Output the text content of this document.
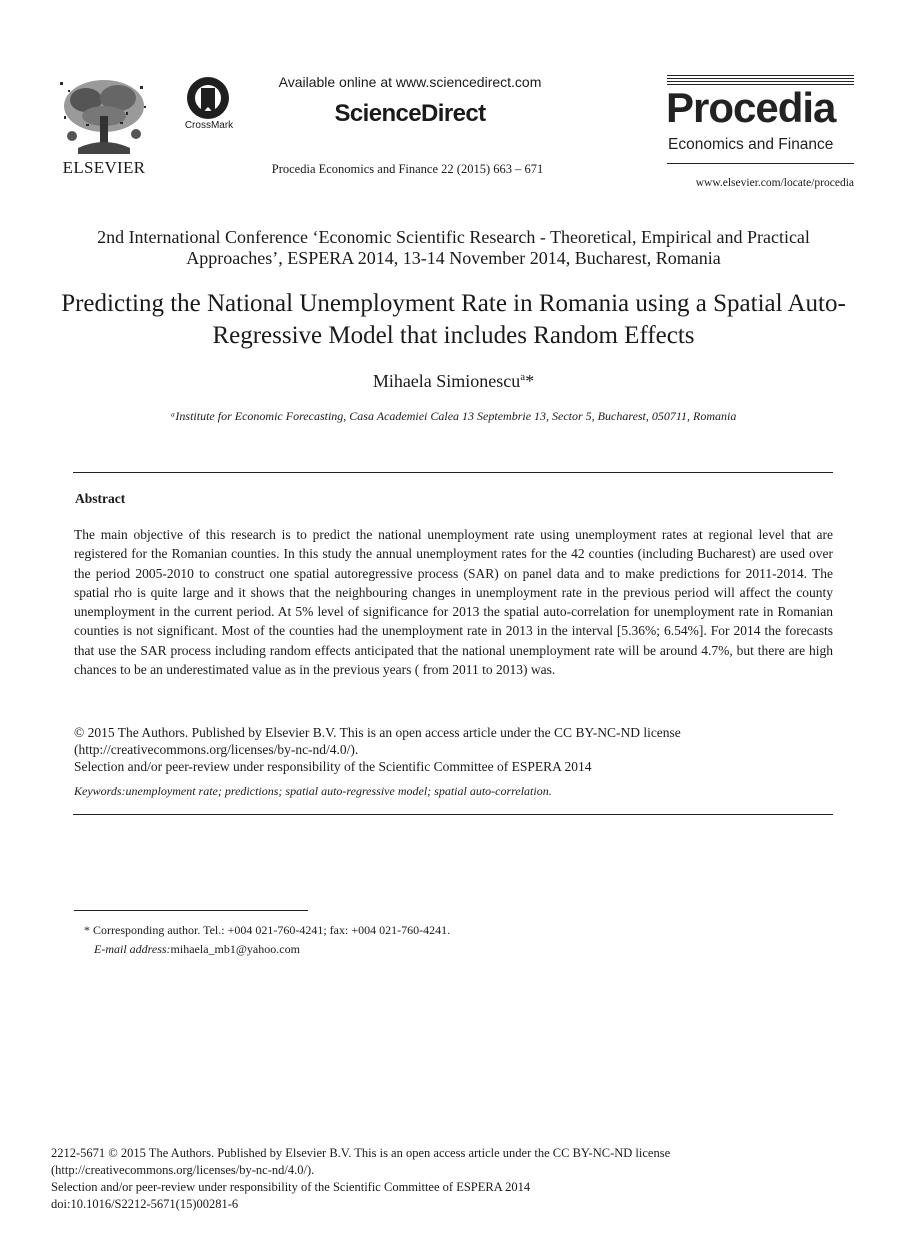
ELSEVIER
CrossMark
Available online at www.sciencedirect.com
ScienceDirect
Procedia Economics and Finance 22 (2015) 663 – 671
Procedia
Economics and Finance
www.elsevier.com/locate/procedia
2nd International Conference ‘Economic Scientific Research - Theoretical, Empirical and Practical Approaches’, ESPERA 2014, 13-14 November 2014, Bucharest, Romania
Predicting the National Unemployment Rate in Romania using a Spatial Auto-Regressive Model that includes Random Effects
Mihaela Simionescu$^a$*
ᵃInstitute for Economic Forecasting, Casa Academiei Calea 13 Septembrie 13, Sector 5, Bucharest, 050711, Romania
Abstract
The main objective of this research is to predict the national unemployment rate using unemployment rates at regional level that are registered for the Romanian counties. In this study the annual unemployment rates for the 42 counties (including Bucharest) are used over the period 2005-2010 to construct one spatial autoregressive process (SAR) on panel data and to make predictions for 2011-2014. The spatial rho is quite large and it shows that the neighbouring changes in unemployment rate in the previous period will affect the county unemployment in the current period. At 5% level of significance for 2013 the spatial auto-correlation for unemployment rate in Romanian counties is not significant. Most of the counties had the unemployment rate in 2013 in the interval [5.36%; 6.54%]. For 2014 the forecasts that use the SAR process including random effects anticipated that the national unemployment rate will be around 4.7%, but there are high chances to be an underestimated value as in the previous years ( from 2011 to 2013) was.
© 2015 The Authors. Published by Elsevier B.V. This is an open access article under the CC BY-NC-ND license
(http://creativecommons.org/licenses/by-nc-nd/4.0/).
Selection and/or peer-review under responsibility of the Scientific Committee of ESPERA 2014
Keywords:unemployment rate; predictions; spatial auto-regressive model; spatial auto-correlation.
* Corresponding author. Tel.: +004 021-760-4241; fax: +004 021-760-4241.
E-mail address:mihaela_mb1@yahoo.com
2212-5671 © 2015 The Authors. Published by Elsevier B.V. This is an open access article under the CC BY-NC-ND license
(http://creativecommons.org/licenses/by-nc-nd/4.0/).
Selection and/or peer-review under responsibility of the Scientific Committee of ESPERA 2014
doi:10.1016/S2212-5671(15)00281-6
